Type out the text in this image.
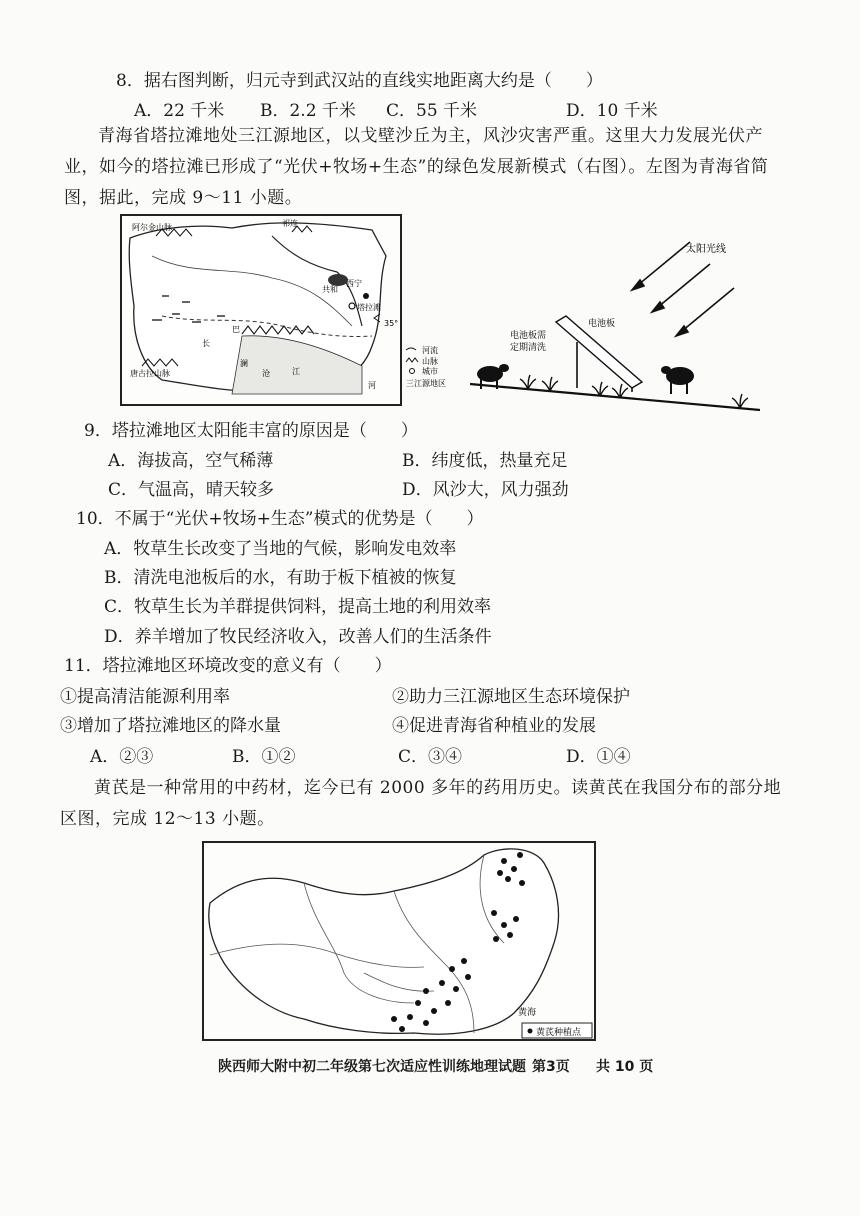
8．据右图判断，归元寺到武汉站的直线实地距离大约是（　　）
A．22 千米 B．2.2 千米 C．55 千米	D．10 千米
青海省塔拉滩地处三江源地区，以戈壁沙丘为主，风沙灾害严重。这里大力发展光伏产业，如今的塔拉滩已形成了“光伏+牧场+生态”的绿色发展新模式（右图）。左图为青海省简图，据此，完成 9～11 小题。
阿尔金山脉	祁连
西宁
共和
塔拉滩
35°
巴
长
澜
沧	江
唐古拉山脉
河
河流
山脉
城市
三江源地区
太阳光线
电池板
电池板需
定期清洗
9．塔拉滩地区太阳能丰富的原因是（　　）
A．海拔高，空气稀薄	B．纬度低，热量充足
C．气温高，晴天较多	D．风沙大，风力强劲
10．不属于“光伏+牧场+生态”模式的优势是（　　）
A．牧草生长改变了当地的气候，影响发电效率
B．清洗电池板后的水，有助于板下植被的恢复
C．牧草生长为羊群提供饲料，提高土地的利用效率
D．养羊增加了牧民经济收入，改善人们的生活条件
11．塔拉滩地区环境改变的意义有（　　）
①提高清洁能源利用率	②助力三江源地区生态环境保护
③增加了塔拉滩地区的降水量	④促进青海省种植业的发展
A．②③	B．①②	C．③④	D．①④
黄芪是一种常用的中药材，迄今已有 2000 多年的药用历史。读黄芪在我国分布的部分地区图，完成 12～13 小题。
黄海
黄芪种植点
陕西师大附中初二年级第七次适应性训练地理试题 第3页 共 10 页
